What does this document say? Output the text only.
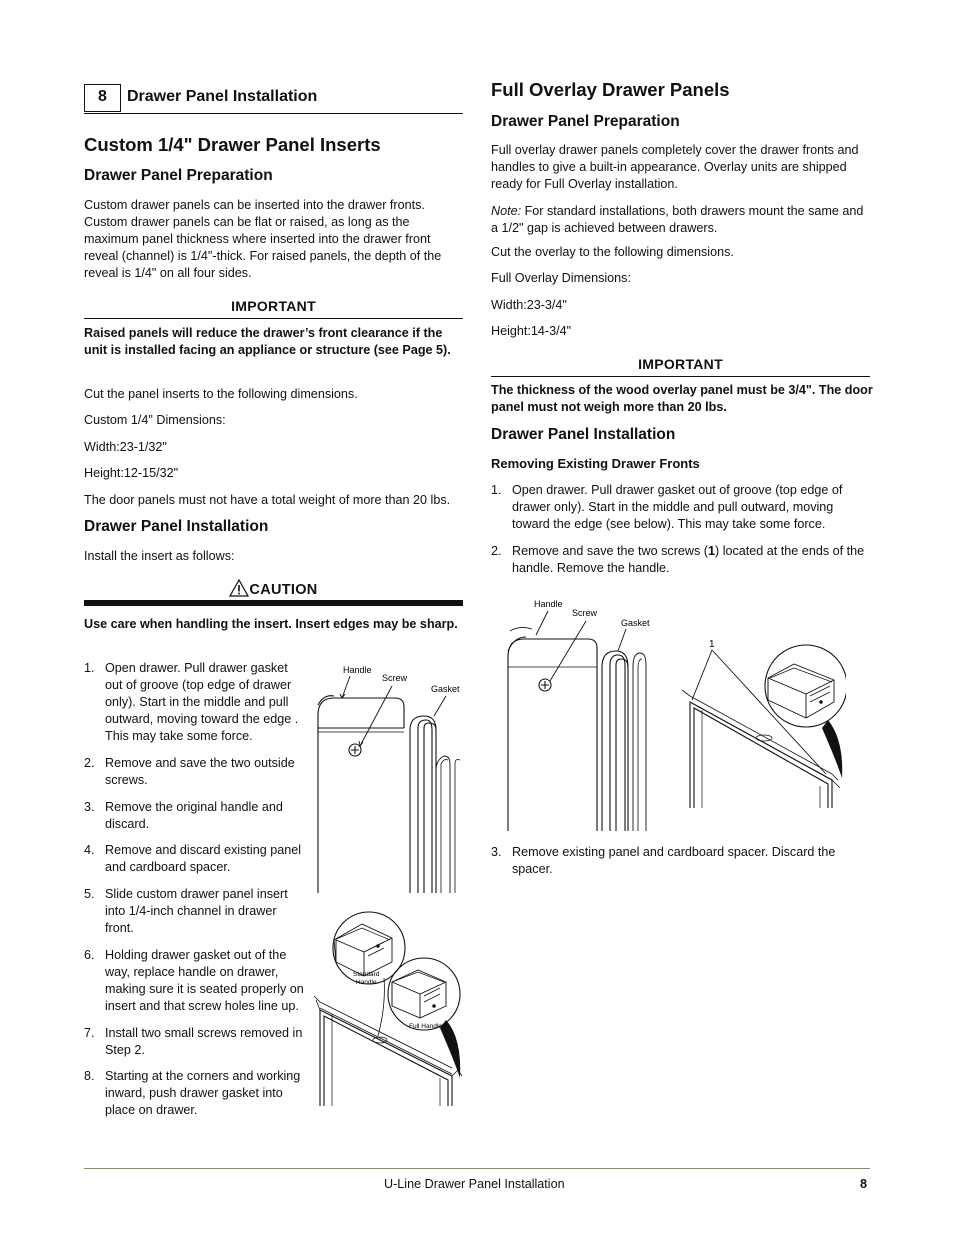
8	Drawer Panel Installation
Custom 1/4" Drawer Panel Inserts
Drawer Panel Preparation

Custom drawer panels can be inserted into the drawer fronts. Custom drawer panels can be flat or raised, as long as the maximum panel thickness where inserted into the drawer front reveal (channel) is 1/4"-thick. For raised panels, the depth of the reveal is 1/4" on all four sides.

IMPORTANT

Raised panels will reduce the drawer’s front clearance if the unit is installed facing an appliance or structure (see Page 5).

Cut the panel inserts to the following dimensions.

Custom 1/4" Dimensions:

Width:23-1/32"

Height:12-15/32"

The door panels must not have a total weight of more than 20 lbs.

Drawer Panel Installation

Install the insert as follows:

CAUTION

Use care when handling the insert. Insert edges may be sharp.

1. Open drawer. Pull drawer gasket out of groove (top edge of drawer only). Start in the middle and pull outward, moving toward the edge . This may take some force.
2. Remove and save the two outside screws.
3. Remove the original handle and discard.
4. Remove and discard existing panel and cardboard spacer.
5. Slide custom drawer panel insert into 1/4-inch channel in drawer front.
6. Holding drawer gasket out of the way, replace handle on drawer, making sure it is seated properly on insert and that screw holes line up.
7. Install two small screws removed in Step 2.
8. Starting at the corners and working inward, push drawer gasket into place on drawer.
Handle
Screw
Gasket
Standard
Handle
Full Handle
Full Overlay Drawer Panels
Drawer Panel Preparation

Full overlay drawer panels completely cover the drawer fronts and handles to give a built-in appearance. Overlay units are shipped ready for Full Overlay installation.

Note: For standard installations, both drawers mount the same and a 1/2" gap is achieved between drawers.

Cut the overlay to the following dimensions.

Full Overlay Dimensions:

Width:23-3/4"

Height:14-3/4"

IMPORTANT

The thickness of the wood overlay panel must be 3/4". The door panel must not weigh more than 20 lbs.

Drawer Panel Installation
Removing Existing Drawer Fronts
1. Open drawer. Pull drawer gasket out of groove (top edge of drawer only). Start in the middle and pull outward, moving toward the edge (see below). This may take some force.
2. Remove and save the two screws (1) located at the ends of the handle. Remove the handle.
Handle
Screw
Gasket
1
3. Remove existing panel and cardboard spacer. Discard the spacer.
U-Line Drawer Panel Installation	8
